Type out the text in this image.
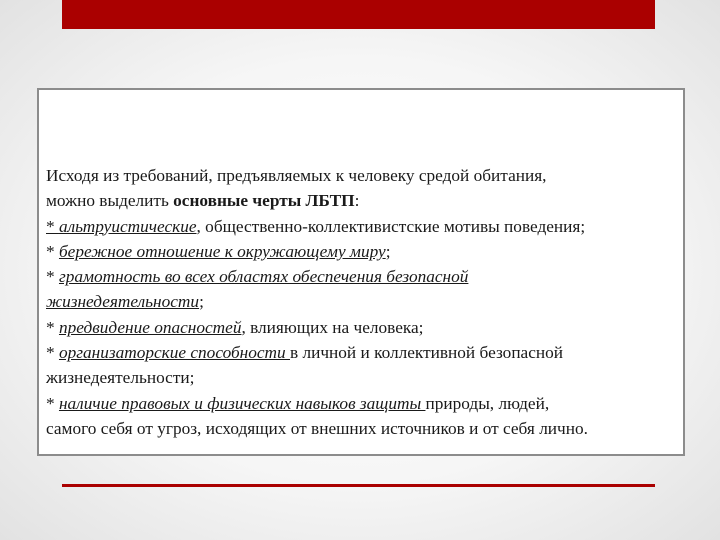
Исходя из требований, предъявляемых к человеку средой обитания,
можно выделить основные черты ЛБТП:
* альтруистические, общественно-коллективистские мотивы поведения;
* бережное отношение к окружающему миру;
* грамотность во всех областях обеспечения безопасной
жизнедеятельности;
* предвидение опасностей, влияющих на человека;
* организаторские способности в личной и коллективной безопасной
жизнедеятельности;
* наличие правовых и физических навыков защиты природы, людей,
самого себя от угроз, исходящих от внешних источников и от себя лично.
